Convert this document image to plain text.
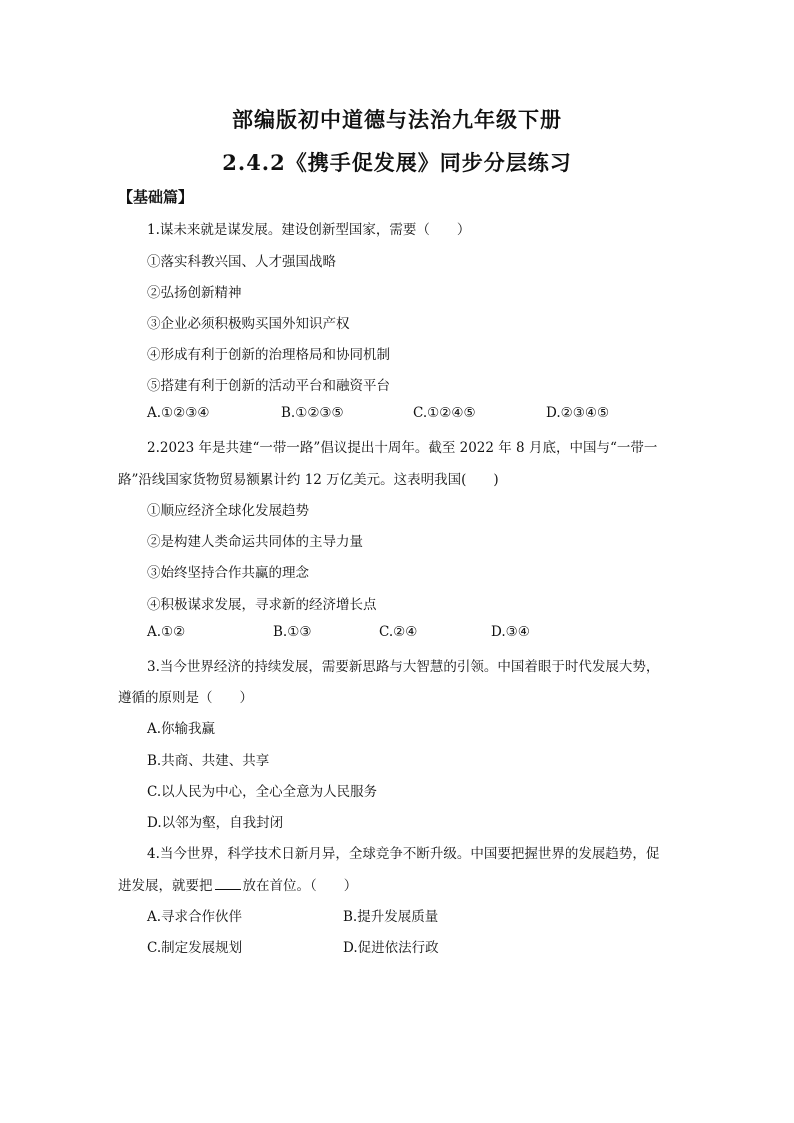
部编版初中道德与法治九年级下册
2.4.2《携手促发展》同步分层练习
【基础篇】
1.谋未来就是谋发展。建设创新型国家，需要（　　）
①落实科教兴国、人才强国战略
②弘扬创新精神
③企业必须积极购买国外知识产权
④形成有利于创新的治理格局和协同机制
⑤搭建有利于创新的活动平台和融资平台
A.①②③④	B.①②③⑤	C.①②④⑤	D.②③④⑤
2.2023 年是共建“一带一路”倡议提出十周年。截至 2022 年 8 月底，中国与“一带一
路”沿线国家货物贸易额累计约 12 万亿美元。这表明我国(　　)
①顺应经济全球化发展趋势
②是构建人类命运共同体的主导力量
③始终坚持合作共赢的理念
④积极谋求发展，寻求新的经济增长点
A.①②	B.①③	C.②④	D.③④
3.当今世界经济的持续发展，需要新思路与大智慧的引领。中国着眼于时代发展大势，
遵循的原则是（　　）
A.你输我赢
B.共商、共建、共享
C.以人民为中心，全心全意为人民服务
D.以邻为壑，自我封闭
4.当今世界，科学技术日新月异，全球竞争不断升级。中国要把握世界的发展趋势，促
进发展，就要把 放在首位。（　　）
A.寻求合作伙伴	B.提升发展质量
C.制定发展规划	D.促进依法行政
